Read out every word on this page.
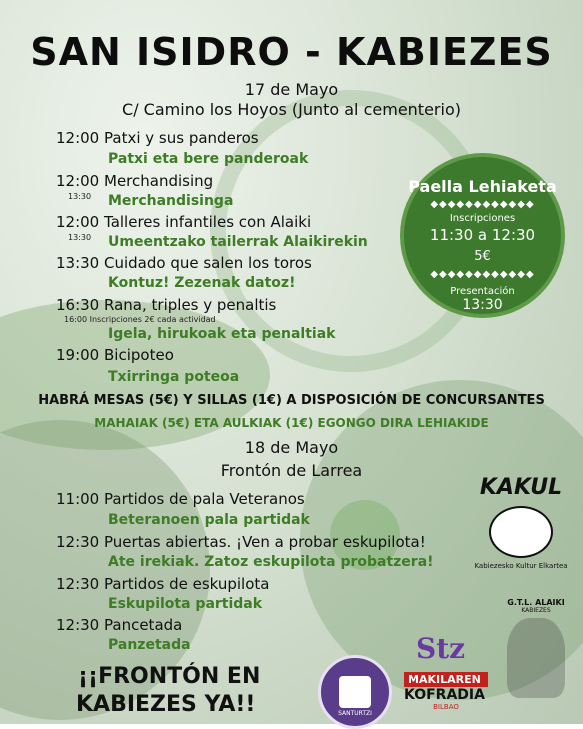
SAN ISIDRO - KABIEZES
17 de Mayo
C/ Camino los Hoyos (Junto al cementerio)
12:00 Patxi y sus panderos
Patxi eta bere panderoak
12:00 Merchandising
13:30 Merchandisinga
12:00 Talleres infantiles con Alaiki
13:30 Umeentzako tailerrak Alaikirekin
13:30 Cuidado que salen los toros
Kontuz! Zezenak datoz!
16:30 Rana, triples y penaltis
16:00 Inscripciones 2€ cada actividad
Igela, hirukoak eta penaltiak
19:00 Bicipoteo
Txirringa poteoa
HABRÁ MESAS (5€) Y SILLAS (1€) A DISPOSICIÓN DE CONCURSANTES
MAHAIAK (5€) ETA AULKIAK (1€) EGONGO DIRA LEHIAKIDE
Paella Lehiaketa
◆◆◆◆◆◆◆◆◆◆◆◆
Inscripciones
11:30 a 12:30
5€
◆◆◆◆◆◆◆◆◆◆◆◆
Presentación
13:30
18 de Mayo
Frontón de Larrea
11:00 Partidos de pala Veteranos
Beteranoen pala partidak
12:30 Puertas abiertas. ¡Ven a probar eskupilota!
Ate irekiak. Zatoz eskupilota probatzera!
12:30 Partidos de eskupilota
Eskupilota partidak
12:30 Pancetada
Panzetada
¡¡FRONTÓN EN
KABIEZES YA!!	SANTURTZI
Stz
MAKILAREN
KOFRADIA
BILBAO
KAKUL
Kabiezesko Kultur Elkartea
G.T.L. ALAIKI
KABIEZES
